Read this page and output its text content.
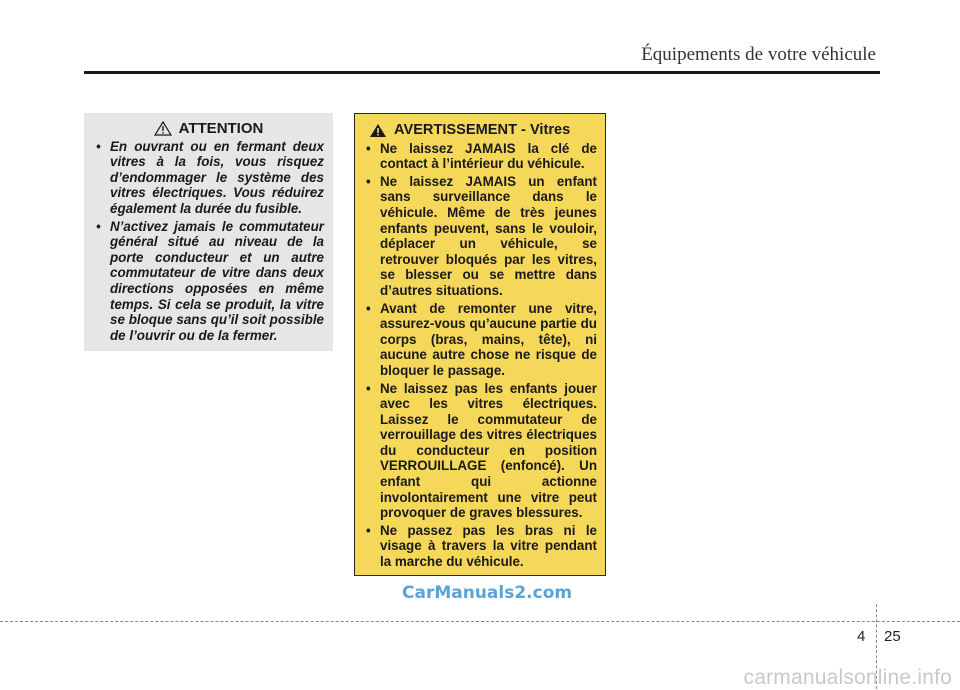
Équipements de votre véhicule
ATTENTION
• En ouvrant ou en fermant deux vitres à la fois, vous risquez d’endommager le système des vitres électriques. Vous réduirez également la durée du fusible.
• N’activez jamais le commutateur général situé au niveau de la porte conducteur et un autre commutateur de vitre dans deux directions opposées en même temps. Si cela se produit, la vitre se bloque sans qu’il soit possible de l’ouvrir ou de la fermer.
AVERTISSEMENT - Vitres
• Ne laissez JAMAIS la clé de contact à l’intérieur du véhicule.
• Ne laissez JAMAIS un enfant sans surveillance dans le véhicule. Même de très jeunes enfants peuvent, sans le vouloir, déplacer un véhicule, se retrouver bloqués par les vitres, se blesser ou se mettre dans d’autres situations.
• Avant de remonter une vitre, assurez-vous qu’aucune partie du corps (bras, mains, tête), ni aucune autre chose ne risque de bloquer le passage.
• Ne laissez pas les enfants jouer avec les vitres électriques. Laissez le commutateur de verrouillage des vitres électriques du conducteur en position VERROUILLAGE (enfoncé). Un enfant qui actionne involontairement une vitre peut provoquer de graves blessures.
• Ne passez pas les bras ni le visage à travers la vitre pendant la marche du véhicule.
CarManuals2.com
4 25
carmanualsonline.info
